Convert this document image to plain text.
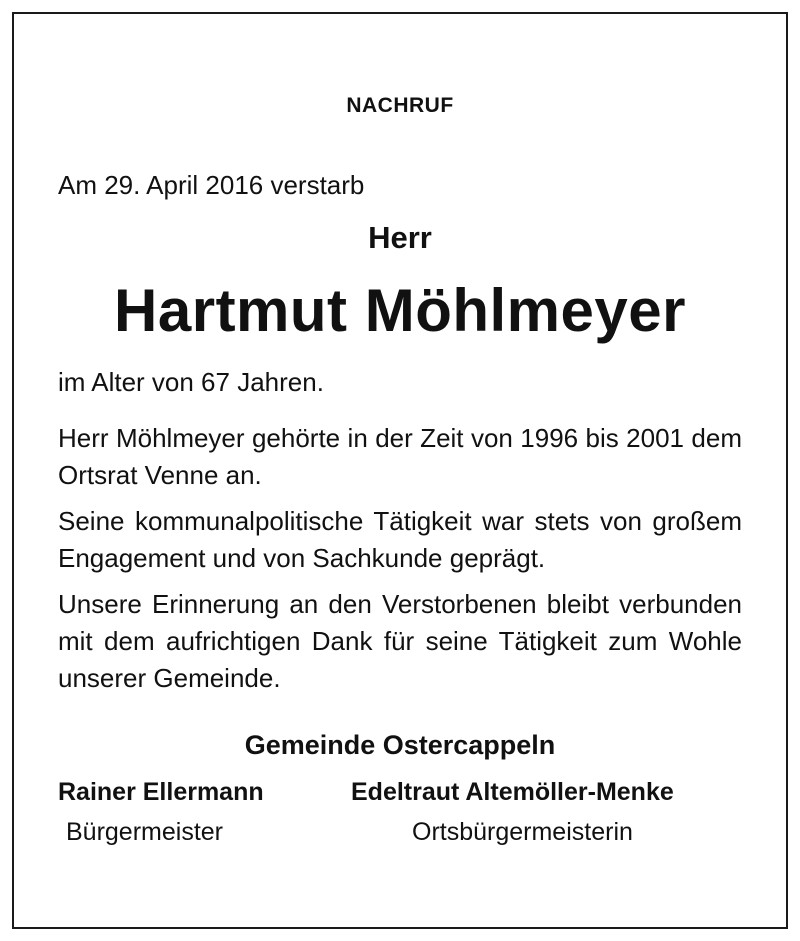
NACHRUF
Am 29. April 2016 verstarb
Herr
Hartmut Möhlmeyer
im Alter von 67 Jahren.
Herr Möhlmeyer gehörte in der Zeit von 1996 bis 2001 dem Ortsrat Venne an.
Seine kommunalpolitische Tätigkeit war stets von großem Engagement und von Sachkunde geprägt.
Unsere Erinnerung an den Verstorbenen bleibt verbunden mit dem aufrichtigen Dank für seine Tätigkeit zum Wohle unserer Gemeinde.
Gemeinde Ostercappeln
Rainer Ellermann	Edeltraut Altemöller-Menke
Bürgermeister	Ortsbürgermeisterin
